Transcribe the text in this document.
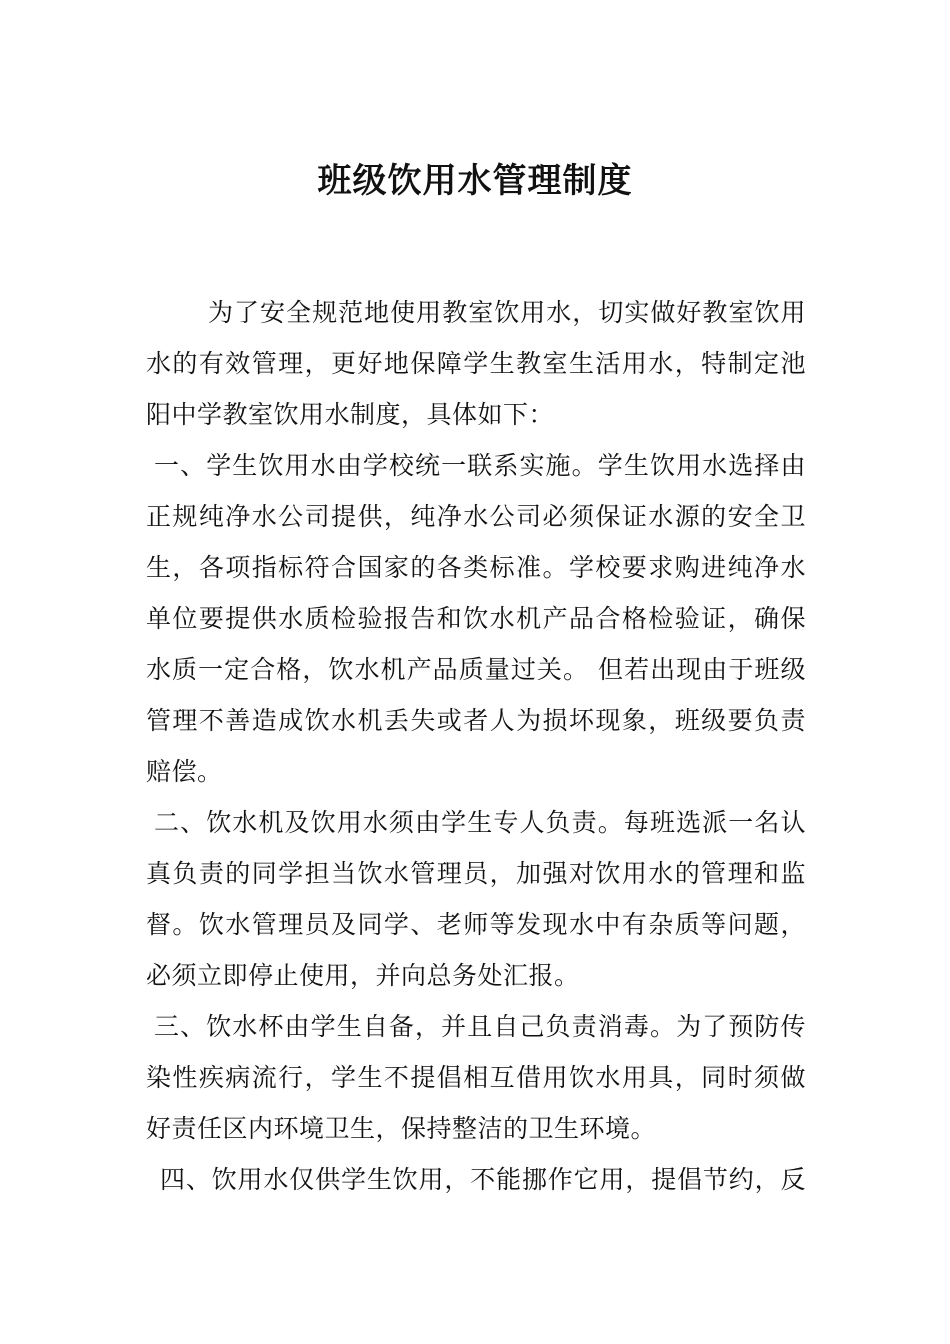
班级饮用水管理制度
为了安全规范地使用教室饮用水，切实做好教室饮用
水的有效管理，更好地保障学生教室生活用水，特制定池
阳中学教室饮用水制度，具体如下：
一、学生饮用水由学校统一联系实施。学生饮用水选择由
正规纯净水公司提供，纯净水公司必须保证水源的安全卫
生，各项指标符合国家的各类标准。学校要求购进纯净水
单位要提供水质检验报告和饮水机产品合格检验证，确保
水质一定合格，饮水机产品质量过关。 但若出现由于班级
管理不善造成饮水机丢失或者人为损坏现象，班级要负责
赔偿。
二、饮水机及饮用水须由学生专人负责。每班选派一名认
真负责的同学担当饮水管理员，加强对饮用水的管理和监
督。饮水管理员及同学、老师等发现水中有杂质等问题，
必须立即停止使用，并向总务处汇报。
三、饮水杯由学生自备，并且自己负责消毒。为了预防传
染性疾病流行，学生不提倡相互借用饮水用具，同时须做
好责任区内环境卫生，保持整洁的卫生环境。
四、饮用水仅供学生饮用，不能挪作它用，提倡节约，反
